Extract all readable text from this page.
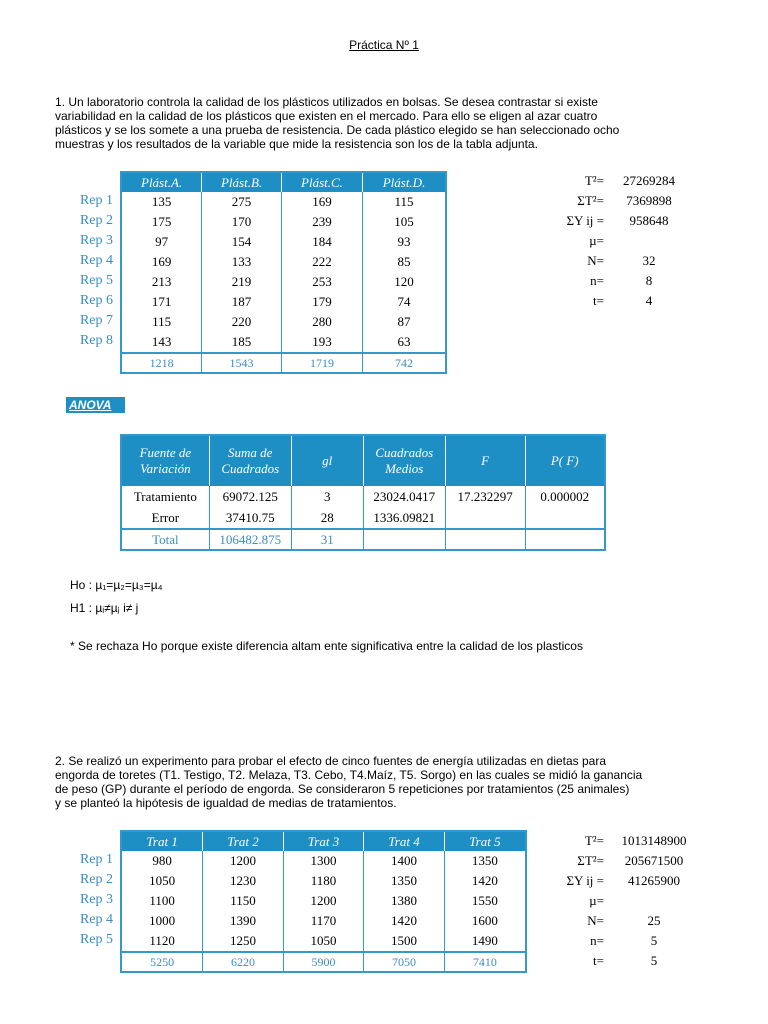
Práctica Nº 1
1. Un laboratorio controla la calidad de los plásticos utilizados en bolsas. Se desea contrastar si existe
variabilidad en la calidad de los plásticos que existen en el mercado. Para ello se eligen al azar cuatro
plásticos y se los somete a una prueba de resistencia. De cada plástico elegido se han seleccionado ocho
muestras y los resultados de la variable que mide la resistencia son los de la tabla adjunta.
Rep 1
Rep 2
Rep 3
Rep 4
Rep 5
Rep 6
Rep 7
Rep 8
Plást.A.	Plást.B.	Plást.C.	Plást.D.
135	275	169	115
175	170	239	105
97	154	184	93
169	133	222	85
213	219	253	120
171	187	179	74
115	220	280	87
143	185	193	63
1218	1543	1719	742
T²= 27269284
ΣT²= 7369898
ΣY ij = 958648
µ=
N=	32
n=	8
t=	4
ANOVA
Fuente de Variación	Suma de Cuadrados	gl	Cuadrados Medios	F	P( F)
Tratamiento	69072.125	3	23024.0417	17.232297	0.000002
Error	37410.75	28	1336.09821		
Total	106482.875	31			
Ho : µ₁=µ₂=µ₃=µ₄
H1 : µᵢ≠µⱼ i≠ j
* Se rechaza Ho porque existe diferencia altam ente significativa entre la calidad de los plasticos
2. Se realizó un experimento para probar el efecto de cinco fuentes de energía utilizadas en dietas para
engorda de toretes (T1. Testigo, T2. Melaza, T3. Cebo, T4.Maíz, T5. Sorgo) en las cuales se midió la ganancia
de peso (GP) durante el período de engorda. Se consideraron 5 repeticiones por tratamientos (25 animales)
y se planteó la hipótesis de igualdad de medias de tratamientos.
Rep 1
Rep 2
Rep 3
Rep 4
Rep 5
Trat 1	Trat 2	Trat 3	Trat 4	Trat 5
980	1200	1300	1400	1350
1050	1230	1180	1350	1420
1100	1150	1200	1380	1550
1000	1390	1170	1420	1600
1120	1250	1050	1500	1490
5250	6220	5900	7050	7410
T²= 1013148900
ΣT²= 205671500
ΣY ij = 41265900
µ=
N=	25
n=	5
t=	5
